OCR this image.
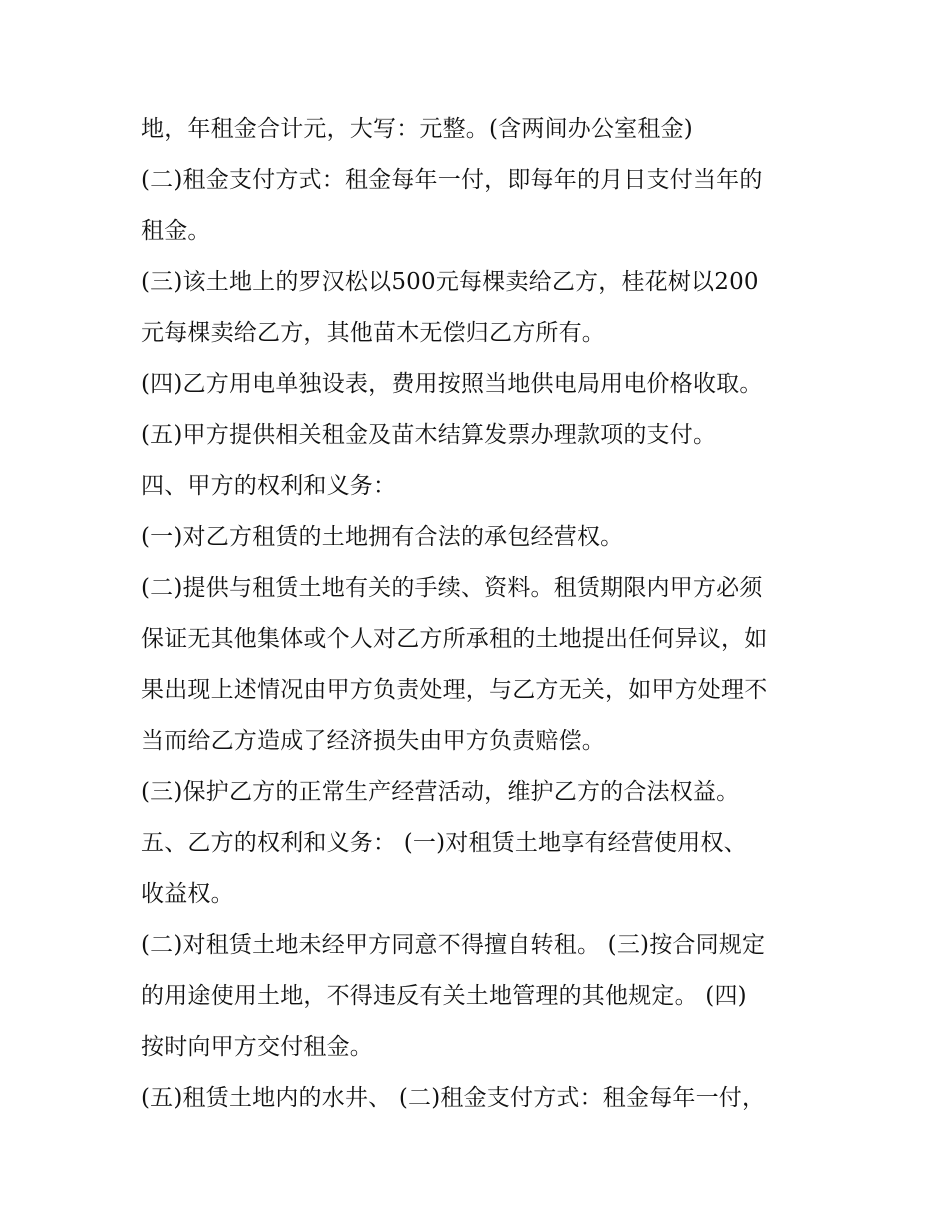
地，年租金合计元，大写：元整。(含两间办公室租金)
(二)租金支付方式：租金每年一付，即每年的月日支付当年的
租金。
(三)该土地上的罗汉松以500元每棵卖给乙方，桂花树以200
元每棵卖给乙方，其他苗木无偿归乙方所有。
(四)乙方用电单独设表，费用按照当地供电局用电价格收取。
(五)甲方提供相关租金及苗木结算发票办理款项的支付。
四、甲方的权利和义务：
(一)对乙方租赁的土地拥有合法的承包经营权。
(二)提供与租赁土地有关的手续、资料。租赁期限内甲方必须
保证无其他集体或个人对乙方所承租的土地提出任何异议，如
果出现上述情况由甲方负责处理，与乙方无关，如甲方处理不
当而给乙方造成了经济损失由甲方负责赔偿。
(三)保护乙方的正常生产经营活动，维护乙方的合法权益。
五、乙方的权利和义务： (一)对租赁土地享有经营使用权、
收益权。
(二)对租赁土地未经甲方同意不得擅自转租。 (三)按合同规定
的用途使用土地，不得违反有关土地管理的其他规定。 (四)
按时向甲方交付租金。
(五)租赁土地内的水井、 (二)租金支付方式：租金每年一付，
